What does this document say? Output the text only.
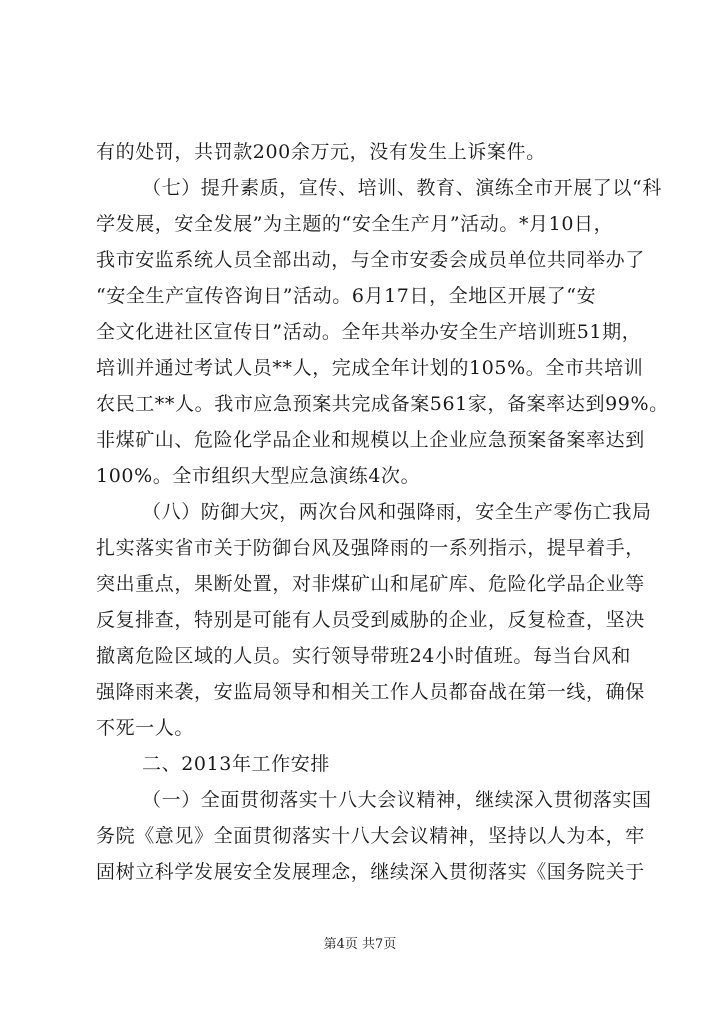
有的处罚，共罚款200余万元，没有发生上诉案件。
（七）提升素质，宣传、培训、教育、演练全市开展了以“科
学发展，安全发展”为主题的“安全生产月”活动。*月10日，
我市安监系统人员全部出动，与全市安委会成员单位共同举办了
“安全生产宣传咨询日”活动。6月17日，全地区开展了“安
全文化进社区宣传日”活动。全年共举办安全生产培训班51期，
培训并通过考试人员**人，完成全年计划的105%。全市共培训
农民工**人。我市应急预案共完成备案561家，备案率达到99%。
非煤矿山、危险化学品企业和规模以上企业应急预案备案率达到
100%。全市组织大型应急演练4次。
（八）防御大灾，两次台风和强降雨，安全生产零伤亡我局
扎实落实省市关于防御台风及强降雨的一系列指示，提早着手，
突出重点，果断处置，对非煤矿山和尾矿库、危险化学品企业等
反复排查，特别是可能有人员受到威胁的企业，反复检查，坚决
撤离危险区域的人员。实行领导带班24小时值班。每当台风和
强降雨来袭，安监局领导和相关工作人员都奋战在第一线，确保
不死一人。
二、2013年工作安排
（一）全面贯彻落实十八大会议精神，继续深入贯彻落实国
务院《意见》全面贯彻落实十八大会议精神，坚持以人为本，牢
固树立科学发展安全发展理念，继续深入贯彻落实《国务院关于
第4页 共7页
